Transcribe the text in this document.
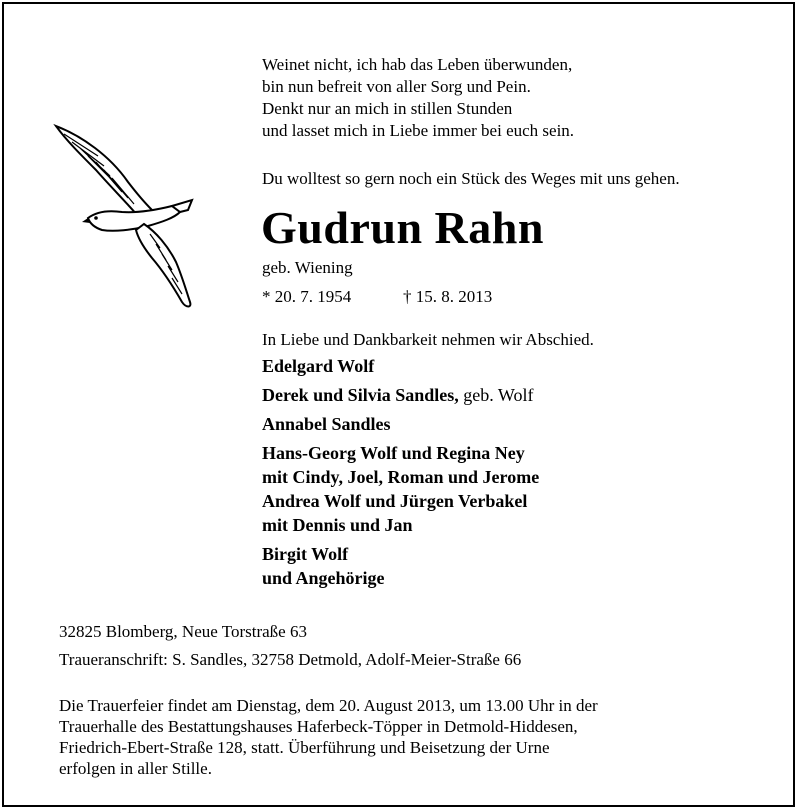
Weinet nicht, ich hab das Leben überwunden,
bin nun befreit von aller Sorg und Pein.
Denkt nur an mich in stillen Stunden
und lasset mich in Liebe immer bei euch sein.
Du wolltest so gern noch ein Stück des Weges mit uns gehen.
Gudrun Rahn
geb. Wiening
* 20. 7. 1954	† 15. 8. 2013
In Liebe und Dankbarkeit nehmen wir Abschied.
Edelgard Wolf
Derek und Silvia Sandles, geb. Wolf
Annabel Sandles
Hans-Georg Wolf und Regina Ney
mit Cindy, Joel, Roman und Jerome
Andrea Wolf und Jürgen Verbakel
mit Dennis und Jan
Birgit Wolf
und Angehörige
32825 Blomberg, Neue Torstraße 63
Traueranschrift: S. Sandles, 32758 Detmold, Adolf-Meier-Straße 66
Die Trauerfeier findet am Dienstag, dem 20. August 2013, um 13.00 Uhr in der
Trauerhalle des Bestattungshauses Haferbeck-Töpper in Detmold-Hiddesen,
Friedrich-Ebert-Straße 128, statt. Überführung und Beisetzung der Urne
erfolgen in aller Stille.
